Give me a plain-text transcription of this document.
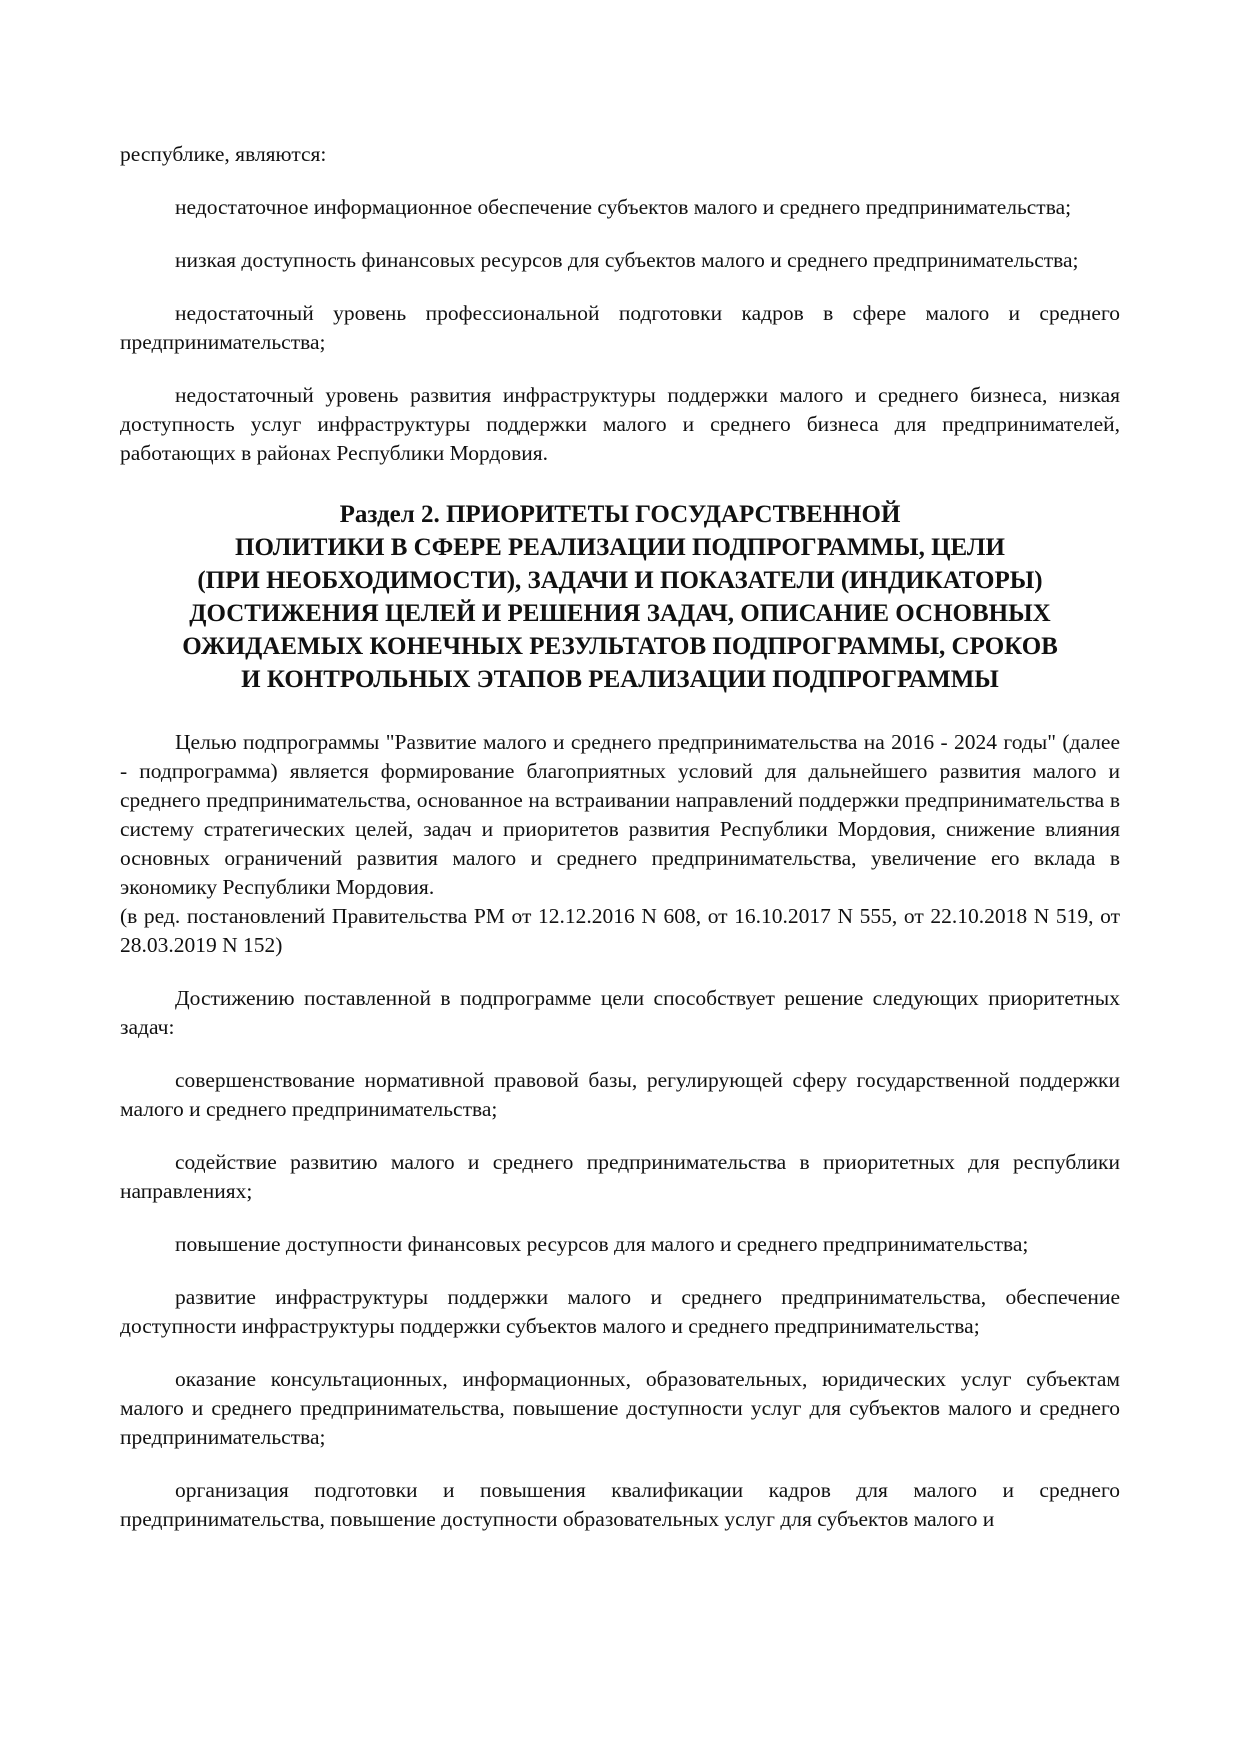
республике, являются:

недостаточное информационное обеспечение субъектов малого и среднего предпринимательства;

низкая доступность финансовых ресурсов для субъектов малого и среднего предпринимательства;

недостаточный уровень профессиональной подготовки кадров в сфере малого и среднего предпринимательства;

недостаточный уровень развития инфраструктуры поддержки малого и среднего бизнеса, низкая доступность услуг инфраструктуры поддержки малого и среднего бизнеса для предпринимателей, работающих в районах Республики Мордовия.

Раздел 2. ПРИОРИТЕТЫ ГОСУДАРСТВЕННОЙ
ПОЛИТИКИ В СФЕРЕ РЕАЛИЗАЦИИ ПОДПРОГРАММЫ, ЦЕЛИ
(ПРИ НЕОБХОДИМОСТИ), ЗАДАЧИ И ПОКАЗАТЕЛИ (ИНДИКАТОРЫ)
ДОСТИЖЕНИЯ ЦЕЛЕЙ И РЕШЕНИЯ ЗАДАЧ, ОПИСАНИЕ ОСНОВНЫХ
ОЖИДАЕМЫХ КОНЕЧНЫХ РЕЗУЛЬТАТОВ ПОДПРОГРАММЫ, СРОКОВ
И КОНТРОЛЬНЫХ ЭТАПОВ РЕАЛИЗАЦИИ ПОДПРОГРАММЫ

Целью подпрограммы "Развитие малого и среднего предпринимательства на 2016 - 2024 годы" (далее - подпрограмма) является формирование благоприятных условий для дальнейшего развития малого и среднего предпринимательства, основанное на встраивании направлений поддержки предпринимательства в систему стратегических целей, задач и приоритетов развития Республики Мордовия, снижение влияния основных ограничений развития малого и среднего предпринимательства, увеличение его вклада в экономику Республики Мордовия.

(в ред. постановлений Правительства РМ от 12.12.2016 N 608, от 16.10.2017 N 555, от 22.10.2018 N 519, от 28.03.2019 N 152)

Достижению поставленной в подпрограмме цели способствует решение следующих приоритетных задач:

совершенствование нормативной правовой базы, регулирующей сферу государственной поддержки малого и среднего предпринимательства;

содействие развитию малого и среднего предпринимательства в приоритетных для республики направлениях;

повышение доступности финансовых ресурсов для малого и среднего предпринимательства;

развитие инфраструктуры поддержки малого и среднего предпринимательства, обеспечение доступности инфраструктуры поддержки субъектов малого и среднего предпринимательства;

оказание консультационных, информационных, образовательных, юридических услуг субъектам малого и среднего предпринимательства, повышение доступности услуг для субъектов малого и среднего предпринимательства;

организация подготовки и повышения квалификации кадров для малого и среднего предпринимательства, повышение доступности образовательных услуг для субъектов малого и
